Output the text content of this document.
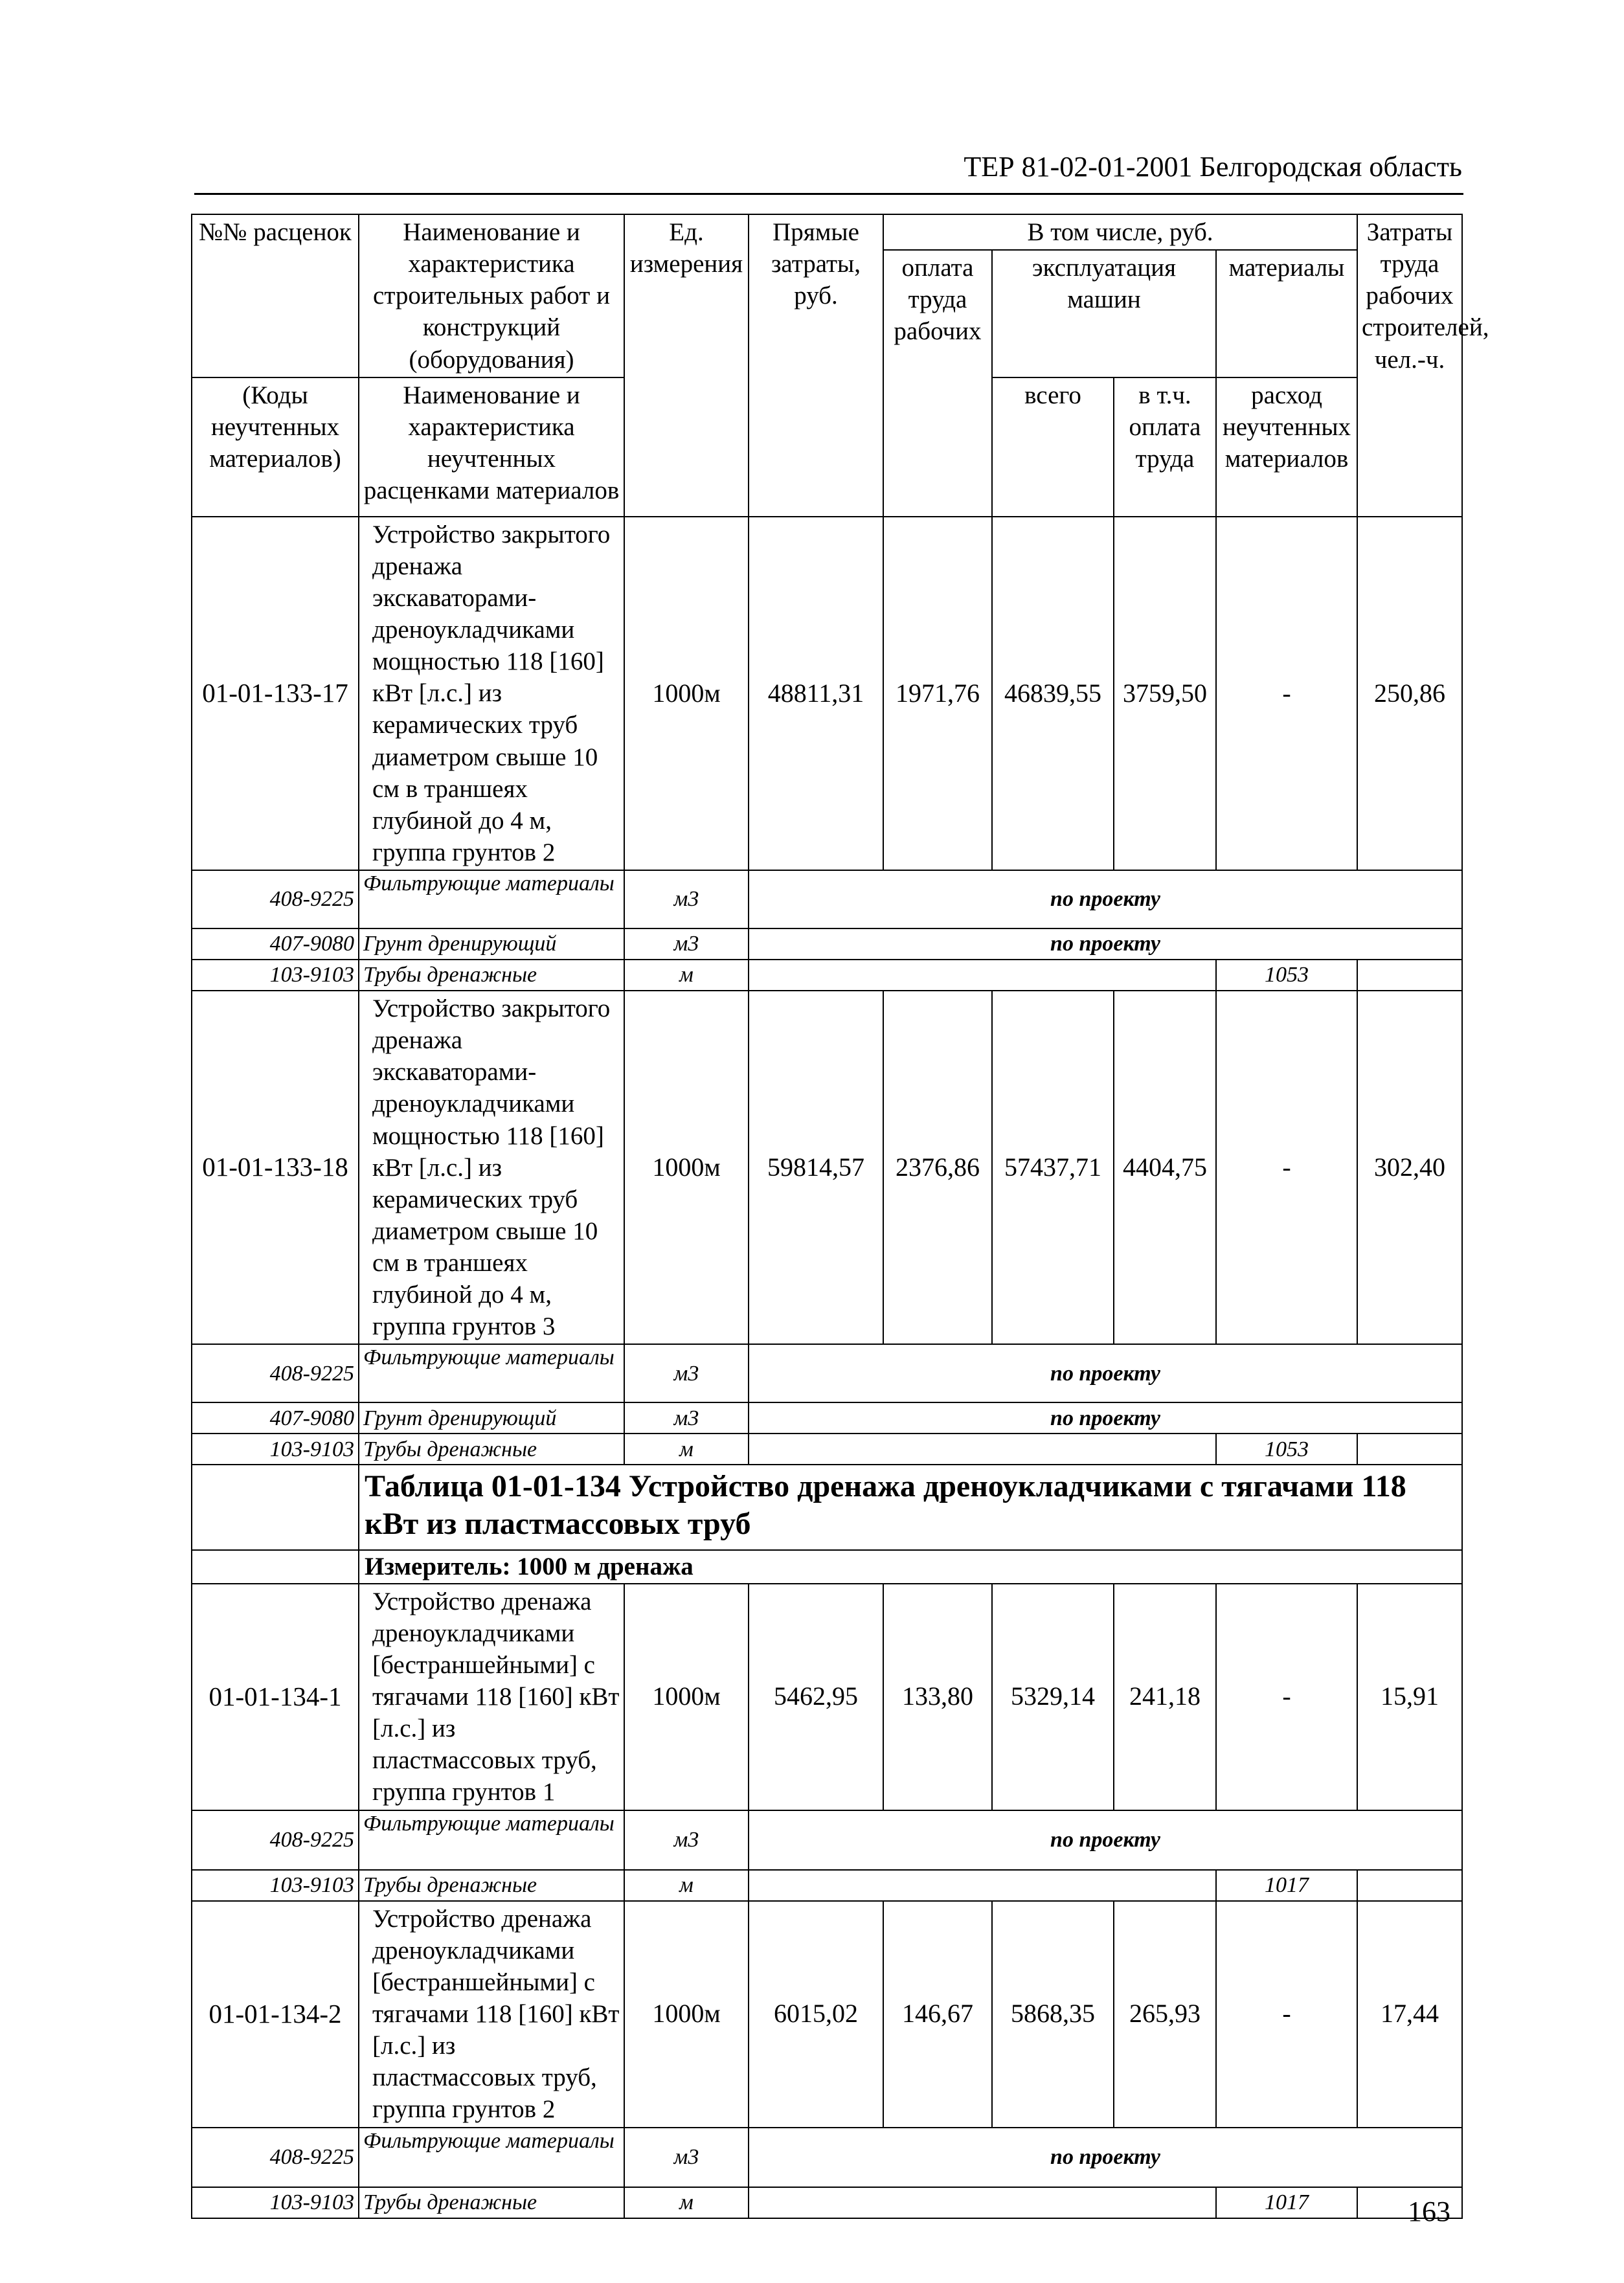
ТЕР 81-02-01-2001 Белгородская область
№№ расценок	Наименование и характеристика строительных работ и конструкций (оборудования)	Ед. измерения	Прямые затраты, руб.	В том числе, руб.				Затраты труда рабочих строителей, чел.-ч.
				оплата труда рабочих	эксплуатация машин		материалы	
(Коды неучтенных материалов)	Наименование и характеристика неучтенных расценками материалов				всего	в т.ч. оплата труда	расход неучтенных материалов	
01-01-133-17	Устройство закрытого дренажа экскаваторами-дреноукладчиками мощностью 118 [160] кВт [л.с.] из керамических труб диаметром свыше 10 см в траншеях глубиной до 4 м, группа грунтов 2	1000м	48811,31	1971,76	46839,55	3759,50	-	250,86
408-9225	Фильтрующие материалы	м3	по проекту					
407-9080	Грунт дренирующий	м3	по проекту					
103-9103	Трубы дренажные	м					1053	
01-01-133-18	Устройство закрытого дренажа экскаваторами-дреноукладчиками мощностью 118 [160] кВт [л.с.] из керамических труб диаметром свыше 10 см в траншеях глубиной до 4 м, группа грунтов 3	1000м	59814,57	2376,86	57437,71	4404,75	-	302,40
408-9225	Фильтрующие материалы	м3	по проекту					
407-9080	Грунт дренирующий	м3	по проекту					
103-9103	Трубы дренажные	м					1053	
	Таблица 01-01-134 Устройство дренажа дреноукладчиками с тягачами 118 кВт из пластмассовых труб							
	Измеритель: 1000 м дренажа							
01-01-134-1	Устройство дренажа дреноукладчиками [бестраншейными] с тягачами 118 [160] кВт [л.с.] из пластмассовых труб, группа грунтов 1	1000м	5462,95	133,80	5329,14	241,18	-	15,91
408-9225	Фильтрующие материалы	м3	по проекту					
103-9103	Трубы дренажные	м					1017	
01-01-134-2	Устройство дренажа дреноукладчиками [бестраншейными] с тягачами 118 [160] кВт [л.с.] из пластмассовых труб, группа грунтов 2	1000м	6015,02	146,67	5868,35	265,93	-	17,44
408-9225	Фильтрующие материалы	м3	по проекту					
103-9103	Трубы дренажные	м					1017		163
